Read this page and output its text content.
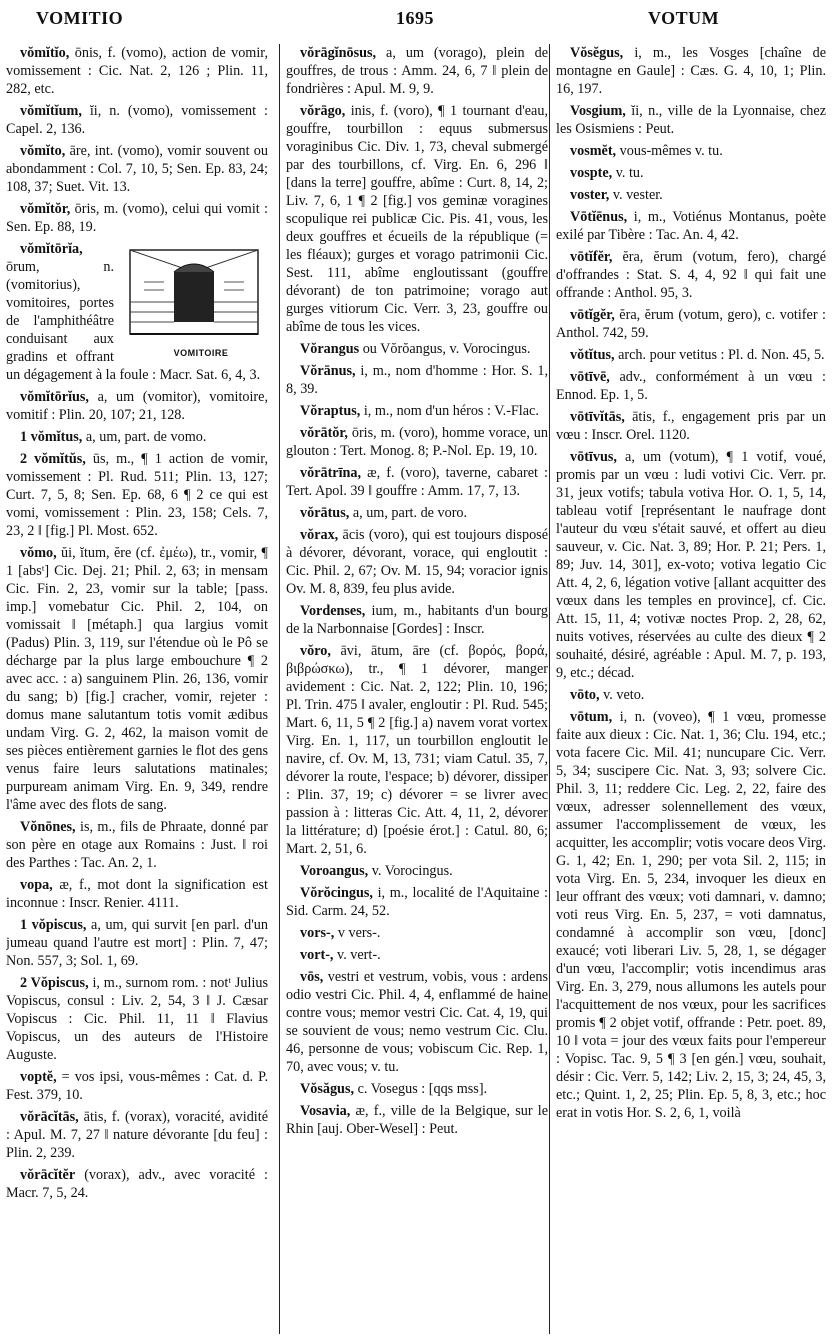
VOMITIO	1695	VOTUM

vŏmĭtĭo, ōnis, f. (vomo), action de vomir, vomissement : Cic. Nat. 2, 126 ; Plin. 11, 282, etc.

vŏmĭtĭum, ĭi, n. (vomo), vomissement : Capel. 2, 136.

vŏmĭto, āre, int. (vomo), vomir souvent ou abondamment : Col. 7, 10, 5; Sen. Ep. 83, 24; 108, 37; Suet. Vit. 13.

vŏmĭtŏr, ōris, m. (vomo), celui qui vomit : Sen. Ep. 88, 19.

VOMITOIRE
vŏmĭtōrĭa, ōrum, n. (vomitorius), vomitoires, portes de l'amphithéâtre conduisant aux gradins et offrant un dégagement à la foule : Macr. Sat. 6, 4, 3.

vŏmĭtōrĭus, a, um (vomitor), vomitoire, vomitif : Plin. 20, 107; 21, 128.

1 vŏmĭtus, a, um, part. de vomo.

2 vŏmĭtŭs, ūs, m., ¶ 1 action de vomir, vomissement : Pl. Rud. 511; Plin. 13, 127; Curt. 7, 5, 8; Sen. Ep. 68, 6 ¶ 2 ce qui est vomi, vomissement : Plin. 23, 158; Cels. 7, 23, 2 ‖ [fig.] Pl. Most. 652.

vŏmo, ŭi, ĭtum, ĕre (cf. ἐμέω), tr., vomir, ¶ 1 [absᵗ] Cic. Dej. 21; Phil. 2, 63; in mensam Cic. Fin. 2, 23, vomir sur la table; [pass. imp.] vomebatur Cic. Phil. 2, 104, on vomissait ‖ [métaph.] qua largius vomit (Padus) Plin. 3, 119, sur l'étendue où le Pô se décharge par la plus large embouchure ¶ 2 avec acc. : a) sanguinem Plin. 26, 136, vomir du sang; b) [fig.] cracher, vomir, rejeter : domus mane salutantum totis vomit ædibus undam Virg. G. 2, 462, la maison vomit de ses pièces entièrement garnies le flot des gens venus faire leurs salutations matinales; purpuream animam Virg. En. 9, 349, rendre l'âme avec des flots de sang.

Vŏnōnes, is, m., fils de Phraate, donné par son père en otage aux Romains : Just. ‖ roi des Parthes : Tac. An. 2, 1.

vopa, æ, f., mot dont la signification est inconnue : Inscr. Renier. 4111.

1 vŏpiscus, a, um, qui survit [en parl. d'un jumeau quand l'autre est mort] : Plin. 7, 47; Non. 557, 3; Sol. 1, 69.

2 Vŏpiscus, i, m., surnom rom. : notᵗ Julius Vopiscus, consul : Liv. 2, 54, 3 ‖ J. Cæsar Vopiscus : Cic. Phil. 11, 11 ‖ Flavius Vopiscus, un des auteurs de l'Histoire Auguste.

voptĕ, = vos ipsi, vous-mêmes : Cat. d. P. Fest. 379, 10.

vŏrācĭtās, ātis, f. (vorax), voracité, avidité : Apul. M. 7, 27 ‖ nature dévorante [du feu] : Plin. 2, 239.

vŏrācĭtĕr (vorax), adv., avec voracité : Macr. 7, 5, 24.

vŏrāgĭnōsus, a, um (vorago), plein de gouffres, de trous : Amm. 24, 6, 7 ‖ plein de fondrières : Apul. M. 9, 9.

vŏrāgo, inis, f. (voro), ¶ 1 tournant d'eau, gouffre, tourbillon : equus submersus voraginibus Cic. Div. 1, 73, cheval submergé par des tourbillons, cf. Virg. En. 6, 296 ‖ [dans la terre] gouffre, abîme : Curt. 8, 14, 2; Liv. 7, 6, 1 ¶ 2 [fig.] vos geminæ voragines scopulique rei publicæ Cic. Pis. 41, vous, les deux gouffres et écueils de la république (= les fléaux); gurges et vorago patrimonii Cic. Sest. 111, abîme engloutissant (gouffre dévorant) de ton patrimoine; vorago aut gurges vitiorum Cic. Verr. 3, 23, gouffre ou abîme de tous les vices.

Vŏrangus ou Vŏrŏangus, v. Vorocingus.

Vŏrānus, i, m., nom d'homme : Hor. S. 1, 8, 39.

Vŏraptus, i, m., nom d'un héros : V.-Flac.

vŏrātŏr, ōris, m. (voro), homme vorace, un glouton : Tert. Monog. 8; P.-Nol. Ep. 19, 10.

vŏrātrīna, æ, f. (voro), taverne, cabaret : Tert. Apol. 39 ‖ gouffre : Amm. 17, 7, 13.

vŏrātus, a, um, part. de voro.

vŏrax, ācis (voro), qui est toujours disposé à dévorer, dévorant, vorace, qui engloutit : Cic. Phil. 2, 67; Ov. M. 15, 94; voracior ignis Ov. M. 8, 839, feu plus avide.

Vordenses, ium, m., habitants d'un bourg de la Narbonnaise [Gordes] : Inscr.

vŏro, āvi, ātum, āre (cf. βορός, βορά, βιβρώσκω), tr., ¶ 1 dévorer, manger avidement : Cic. Nat. 2, 122; Plin. 10, 196; Pl. Trin. 475 ‖ avaler, engloutir : Pl. Rud. 545; Mart. 6, 11, 5 ¶ 2 [fig.] a) navem vorat vortex Virg. En. 1, 117, un tourbillon engloutit le navire, cf. Ov. M, 13, 731; viam Catul. 35, 7, dévorer la route, l'espace; b) dévorer, dissiper : Plin. 37, 19; c) dévorer = se livrer avec passion à : litteras Cic. Att. 4, 11, 2, dévorer la littérature; d) [poésie érot.] : Catul. 80, 6; Mart. 2, 51, 6.

Voroangus, v. Vorocingus.

Vŏrŏcingus, i, m., localité de l'Aquitaine : Sid. Carm. 24, 52.

vors-, v vers-.

vort-, v. vert-.

vōs, vestri et vestrum, vobis, vous : ardens odio vestri Cic. Phil. 4, 4, enflammé de haine contre vous; memor vestri Cic. Cat. 4, 19, qui se souvient de vous; nemo vestrum Cic. Clu. 46, personne de vous; vobiscum Cic. Rep. 1, 70, avec vous; v. tu.

Vŏsăgus, c. Vosegus : [qqs mss].

Vosavia, æ, f., ville de la Belgique, sur le Rhin [auj. Ober-Wesel] : Peut.

Vŏsĕgus, i, m., les Vosges [chaîne de montagne en Gaule] : Cæs. G. 4, 10, 1; Plin. 16, 197.

Vosgium, ĭi, n., ville de la Lyonnaise, chez les Osismiens : Peut.

vosmĕt, vous-mêmes v. tu.

vospte, v. tu.

voster, v. vester.

Vōtĭēnus, i, m., Votiénus Montanus, poète exilé par Tibère : Tac. An. 4, 42.

vōtĭfĕr, ĕra, ĕrum (votum, fero), chargé d'offrandes : Stat. S. 4, 4, 92 ‖ qui fait une offrande : Anthol. 95, 3.

vōtĭgĕr, ĕra, ĕrum (votum, gero), c. votifer : Anthol. 742, 59.

vŏtĭtus, arch. pour vetitus : Pl. d. Non. 45, 5.

vōtīvē, adv., conformément à un vœu : Ennod. Ep. 1, 5.

vōtīvĭtās, ātis, f., engagement pris par un vœu : Inscr. Orel. 1120.

vōtīvus, a, um (votum), ¶ 1 votif, voué, promis par un vœu : ludi votivi Cic. Verr. pr. 31, jeux votifs; tabula votiva Hor. O. 1, 5, 14, tableau votif [représentant le naufrage dont l'auteur du vœu s'était sauvé, et offert au dieu sauveur, v. Cic. Nat. 3, 89; Hor. P. 21; Pers. 1, 89; Juv. 14, 301], ex-voto; votiva legatio Cic Att. 4, 2, 6, légation votive [allant acquitter des vœux dans les temples en province], cf. Cic. Att. 15, 11, 4; votivæ noctes Prop. 2, 28, 62, nuits votives, réservées au culte des dieux ¶ 2 souhaité, désiré, agréable : Apul. M. 7, p. 193, 9, etc.; décad.

vōto, v. veto.

vōtum, i, n. (voveo), ¶ 1 vœu, promesse faite aux dieux : Cic. Nat. 1, 36; Clu. 194, etc.; vota facere Cic. Mil. 41; nuncupare Cic. Verr. 5, 34; suscipere Cic. Nat. 3, 93; solvere Cic. Phil. 3, 11; reddere Cic. Leg. 2, 22, faire des vœux, adresser solennellement des vœux, assumer l'accomplissement de vœux, les acquitter, les accomplir; votis vocare deos Virg. G. 1, 42; En. 1, 290; per vota Sil. 2, 115; in vota Virg. En. 5, 234, invoquer les dieux en leur offrant des vœux; voti damnari, v. damno; voti reus Virg. En. 5, 237, = voti damnatus, condamné à accomplir son vœu, [donc] exaucé; voti liberari Liv. 5, 28, 1, se dégager d'un vœu, l'accomplir; votis incendimus aras Virg. En. 3, 279, nous allumons les autels pour l'acquittement de nos vœux, pour les sacrifices promis ¶ 2 objet votif, offrande : Petr. poet. 89, 10 ‖ vota = jour des vœux faits pour l'empereur : Vopisc. Tac. 9, 5 ¶ 3 [en gén.] vœu, souhait, désir : Cic. Verr. 5, 142; Liv. 2, 15, 3; 24, 45, 3, etc.; Quint. 1, 2, 25; Plin. Ep. 5, 8, 3, etc.; hoc erat in votis Hor. S. 2, 6, 1, voilà
